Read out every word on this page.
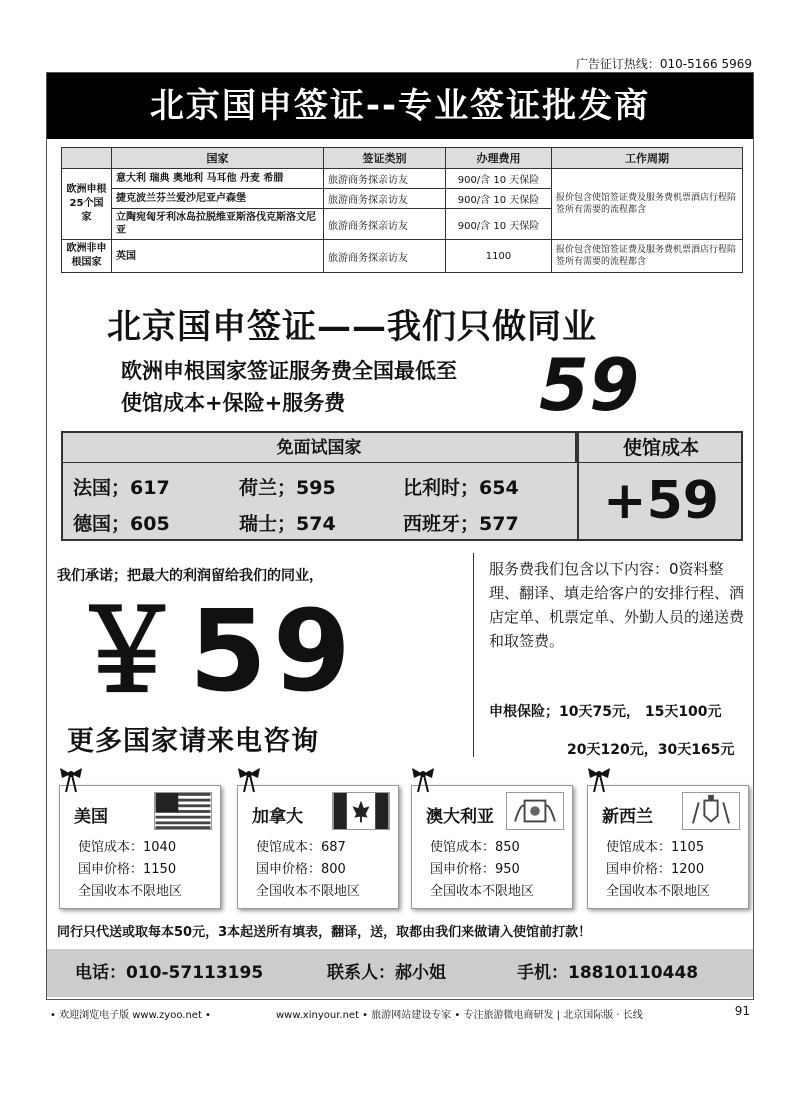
广告征订热线：010-5166 5969
北京国申签证--专业签证批发商
	国家	签证类别	办理费用	工作周期
欧洲申根25个国家	意大利 瑞典 奥地利 马耳他 丹麦 希腊	旅游商务探亲访友	900/含 10 天保险	报价包含使馆签证费及服务费机票酒店行程陪签所有需要的流程都含
	捷克波兰芬兰爱沙尼亚卢森堡	旅游商务探亲访友	900/含 10 天保险	
	立陶宛匈牙利冰岛拉脱维亚斯洛伐克斯洛文尼亚	旅游商务探亲访友	900/含 10 天保险	
欧洲非申根国家	英国	旅游商务探亲访友	1100	报价包含使馆签证费及服务费机票酒店行程陪签所有需要的流程都含
北京国申签证——我们只做同业
欧洲申根国家签证服务费全国最低至
使馆成本+保险+服务费	59
免面试国家
法国；617	荷兰；595	比利时；654
德国；605	瑞士；574	西班牙；577
使馆成本
+59
我们承诺；把最大的利润留给我们的同业，
￥59
更多国家请来电咨询
服务费我们包含以下内容：0资料整理、翻译、填走给客户的安排行程、酒店定单、机票定单、外勤人员的递送费和取签费。
申根保险；10天75元， 15天100元
20天120元，30天165元
美国
使馆成本：1040
国申价格：1150
全国收本不限地区
加拿大
使馆成本：687
国申价格：800
全国收本不限地区
澳大利亚
使馆成本：850
国申价格：950
全国收本不限地区
新西兰
使馆成本：1105
国申价格：1200
全国收本不限地区
同行只代送或取每本50元，3本起送所有填表，翻译，送，取都由我们来做请入使馆前打款！
电话：010-57113195	联系人：郝小姐	手机：18810110448
• 欢迎浏览电子版 www.zyoo.net •	www.xinyour.net • 旅游网站建设专家 • 专注旅游微电商研发 | 北京国际版 · 长线	91
